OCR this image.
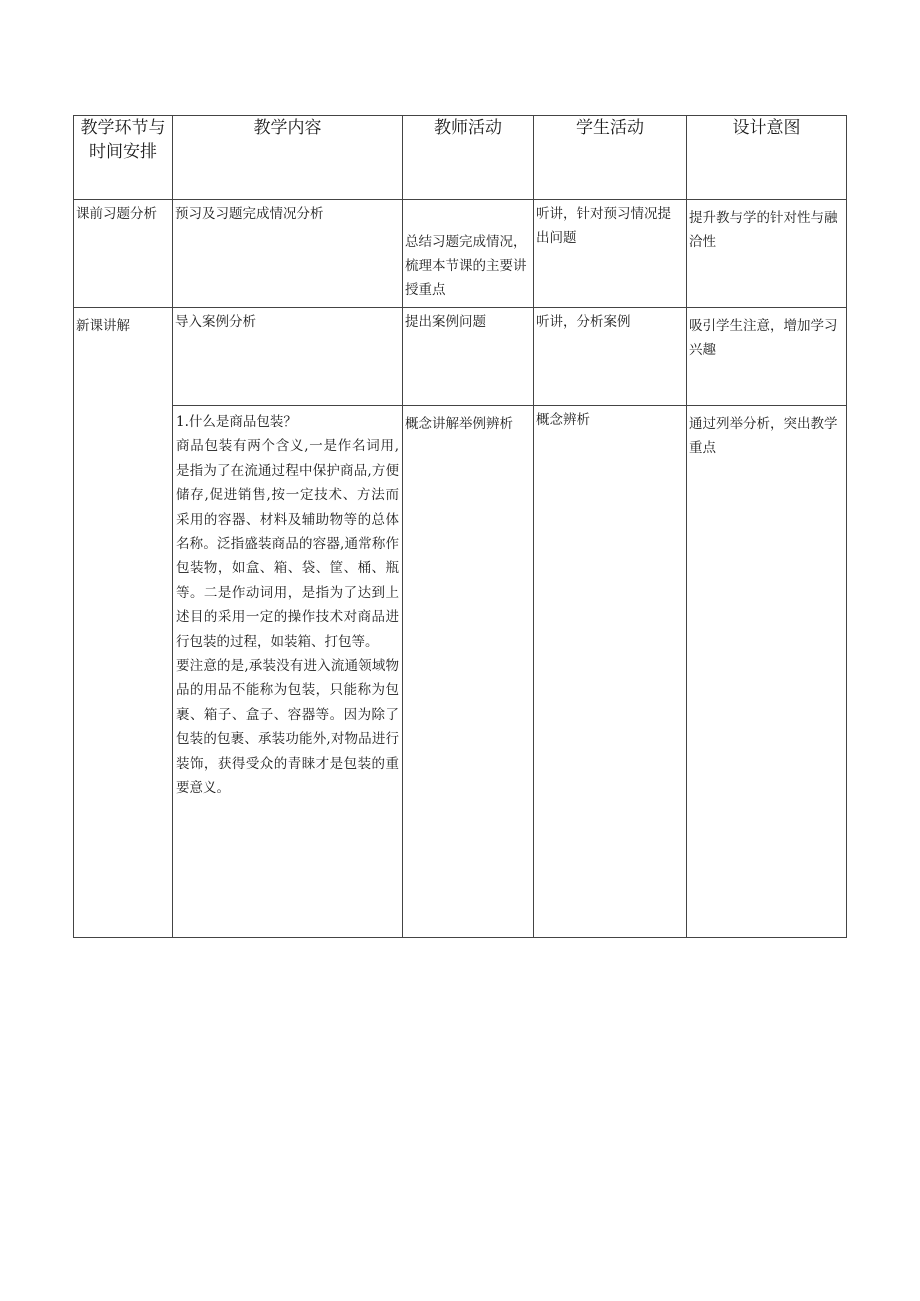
教学环节与时间安排	教学内容	教师活动	学生活动	设计意图

课前习题分析	预习及习题完成情况分析	总结习题完成情况，梳理本节课的主要讲授重点	听讲，针对预习情况提出问题	提升教与学的针对性与融洽性

新课讲解	导入案例分析	提出案例问题	听讲，分析案例	吸引学生注意，增加学习兴趣

	1.什么是商品包装？

商品包装有两个含义,一是作名词用,是指为了在流通过程中保护商品,方便储存,促进销售,按一定技术、方法而采用的容器、材料及辅助物等的总体名称。泛指盛装商品的容器,通常称作包装物，如盒、箱、袋、筐、桶、瓶等。二是作动词用，是指为了达到上述目的采用一定的操作技术对商品进行包装的过程，如装箱、打包等。

要注意的是,承装没有进入流通领域物品的用品不能称为包装，只能称为包裹、箱子、盒子、容器等。因为除了包装的包裹、承装功能外,对物品进行装饰，获得受众的青睐才是包装的重要意义。	概念讲解举例辨析	概念辨析	通过列举分析，突出教学重点
